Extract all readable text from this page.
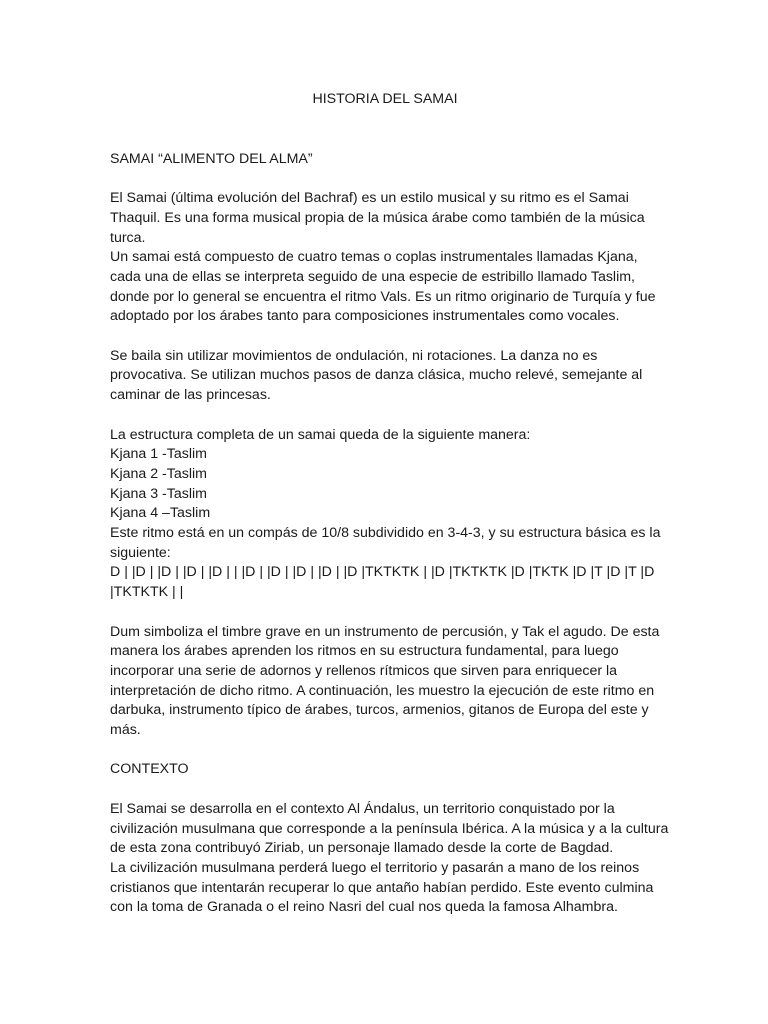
HISTORIA DEL SAMAI
SAMAI “ALIMENTO DEL ALMA”

El Samai (última evolución del Bachraf) es un estilo musical y su ritmo es el Samai Thaquil. Es una forma musical propia de la música árabe como también de la música turca.

Un samai está compuesto de cuatro temas o coplas instrumentales llamadas Kjana, cada una de ellas se interpreta seguido de una especie de estribillo llamado Taslim, donde por lo general se encuentra el ritmo Vals. Es un ritmo originario de Turquía y fue adoptado por los árabes tanto para composiciones instrumentales como vocales.

Se baila sin utilizar movimientos de ondulación, ni rotaciones. La danza no es provocativa. Se utilizan muchos pasos de danza clásica, mucho relevé, semejante al caminar de las princesas.

La estructura completa de un samai queda de la siguiente manera:

Kjana 1 -Taslim
Kjana 2 -Taslim
Kjana 3 -Taslim
Kjana 4 –Taslim

Este ritmo está en un compás de 10/8 subdividido en 3-4-3, y su estructura básica es la siguiente:

D | |D | |D | |D | |D | | |D | |D | |D | |D | |D |TKTKTK | |D |TKTKTK |D |TKTK |D |T |D |T |D |TKTKTK | |

Dum simboliza el timbre grave en un instrumento de percusión, y Tak el agudo. De esta manera los árabes aprenden los ritmos en su estructura fundamental, para luego incorporar una serie de adornos y rellenos rítmicos que sirven para enriquecer la interpretación de dicho ritmo. A continuación, les muestro la ejecución de este ritmo en darbuka, instrumento típico de árabes, turcos, armenios, gitanos de Europa del este y más.

CONTEXTO

El Samai se desarrolla en el contexto Al Ándalus, un territorio conquistado por la civilización musulmana que corresponde a la península Ibérica. A la música y a la cultura de esta zona contribuyó Ziriab, un personaje llamado desde la corte de Bagdad.

La civilización musulmana perderá luego el territorio y pasarán a mano de los reinos cristianos que intentarán recuperar lo que antaño habían perdido. Este evento culmina con la toma de Granada o el reino Nasri del cual nos queda la famosa Alhambra.
